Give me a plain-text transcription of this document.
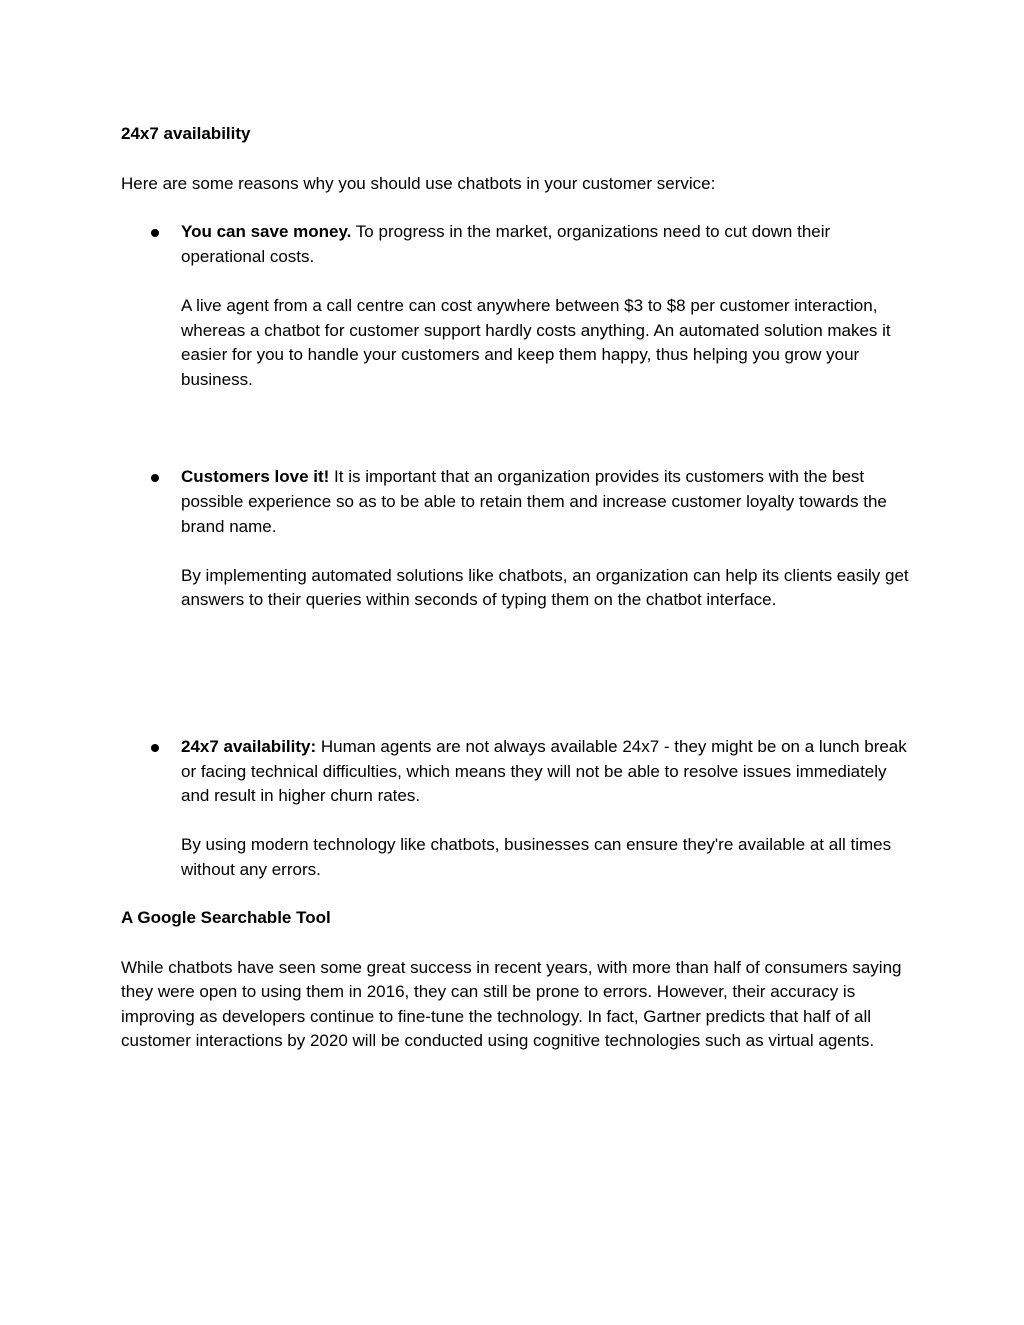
24x7 availability

Here are some reasons why you should use chatbots in your customer service:

You can save money. To progress in the market, organizations need to cut down their operational costs.

A live agent from a call centre can cost anywhere between $3 to $8 per customer interaction, whereas a chatbot for customer support hardly costs anything. An automated solution makes it easier for you to handle your customers and keep them happy, thus helping you grow your business.

Customers love it! It is important that an organization provides its customers with the best possible experience so as to be able to retain them and increase customer loyalty towards the brand name.

By implementing automated solutions like chatbots, an organization can help its clients easily get answers to their queries within seconds of typing them on the chatbot interface.

24x7 availability: Human agents are not always available 24x7 - they might be on a lunch break or facing technical difficulties, which means they will not be able to resolve issues immediately and result in higher churn rates.

By using modern technology like chatbots, businesses can ensure they're available at all times without any errors.

A Google Searchable Tool

While chatbots have seen some great success in recent years, with more than half of consumers saying they were open to using them in 2016, they can still be prone to errors. However, their accuracy is improving as developers continue to fine-tune the technology. In fact, Gartner predicts that half of all customer interactions by 2020 will be conducted using cognitive technologies such as virtual agents.
